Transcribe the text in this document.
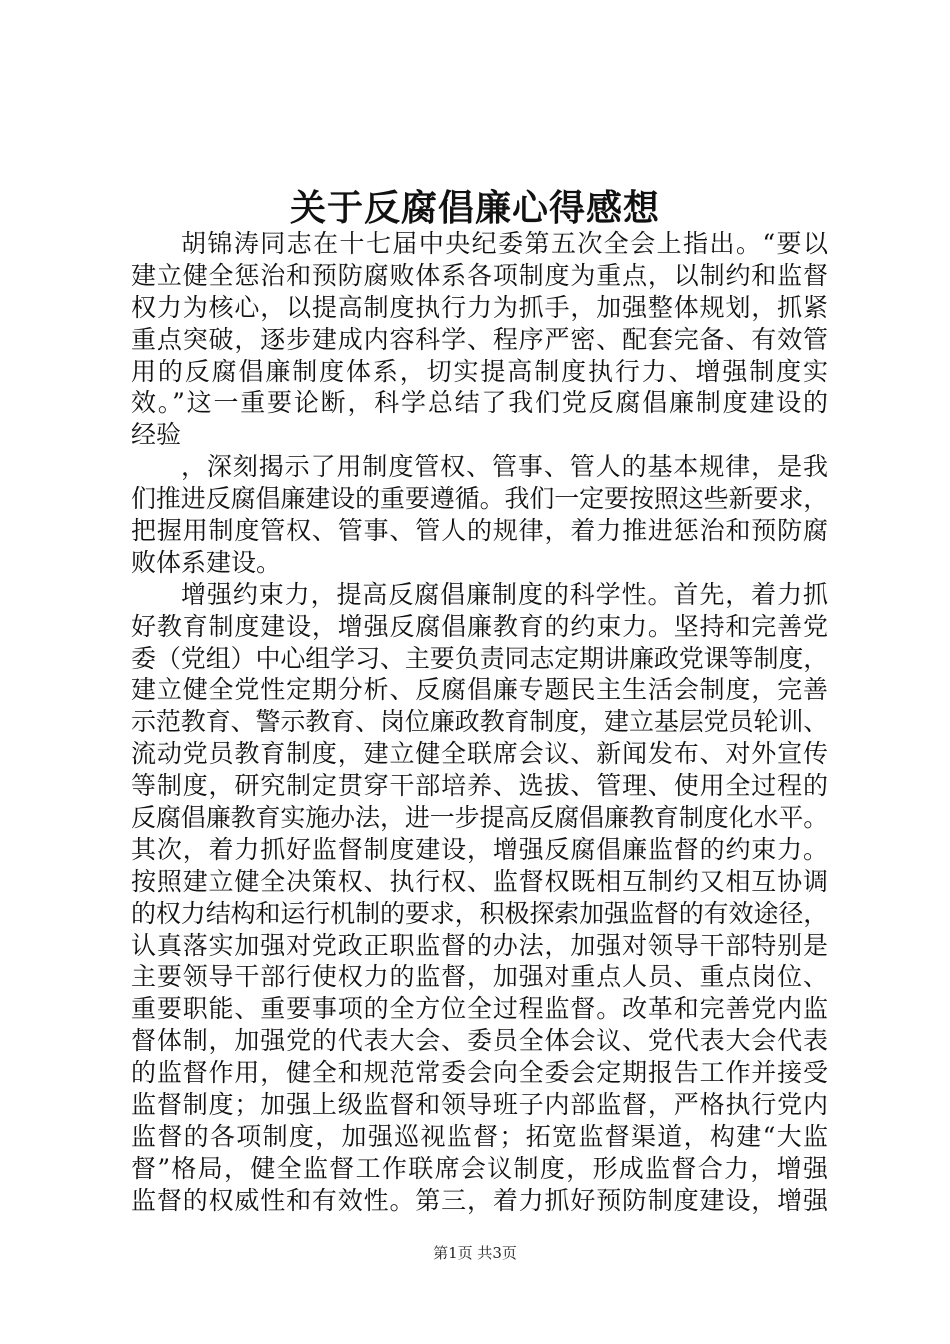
关于反腐倡廉心得感想
胡锦涛同志在十七届中央纪委第五次全会上指出。“要以
建立健全惩治和预防腐败体系各项制度为重点，以制约和监督
权力为核心，以提高制度执行力为抓手，加强整体规划，抓紧
重点突破，逐步建成内容科学、程序严密、配套完备、有效管
用的反腐倡廉制度体系，切实提高制度执行力、增强制度实
效。”这一重要论断，科学总结了我们党反腐倡廉制度建设的
经验
，深刻揭示了用制度管权、管事、管人的基本规律，是我
们推进反腐倡廉建设的重要遵循。我们一定要按照这些新要求，
把握用制度管权、管事、管人的规律，着力推进惩治和预防腐
败体系建设。
增强约束力，提高反腐倡廉制度的科学性。首先，着力抓
好教育制度建设，增强反腐倡廉教育的约束力。坚持和完善党
委（党组）中心组学习、主要负责同志定期讲廉政党课等制度，
建立健全党性定期分析、反腐倡廉专题民主生活会制度，完善
示范教育、警示教育、岗位廉政教育制度，建立基层党员轮训、
流动党员教育制度，建立健全联席会议、新闻发布、对外宣传
等制度，研究制定贯穿干部培养、选拔、管理、使用全过程的
反腐倡廉教育实施办法，进一步提高反腐倡廉教育制度化水平。
其次，着力抓好监督制度建设，增强反腐倡廉监督的约束力。
按照建立健全决策权、执行权、监督权既相互制约又相互协调
的权力结构和运行机制的要求，积极探索加强监督的有效途径，
认真落实加强对党政正职监督的办法，加强对领导干部特别是
主要领导干部行使权力的监督，加强对重点人员、重点岗位、
重要职能、重要事项的全方位全过程监督。改革和完善党内监
督体制，加强党的代表大会、委员全体会议、党代表大会代表
的监督作用，健全和规范常委会向全委会定期报告工作并接受
监督制度；加强上级监督和领导班子内部监督，严格执行党内
监督的各项制度，加强巡视监督；拓宽监督渠道，构建“大监
督”格局，健全监督工作联席会议制度，形成监督合力，增强
监督的权威性和有效性。第三，着力抓好预防制度建设，增强
第1页 共3页
